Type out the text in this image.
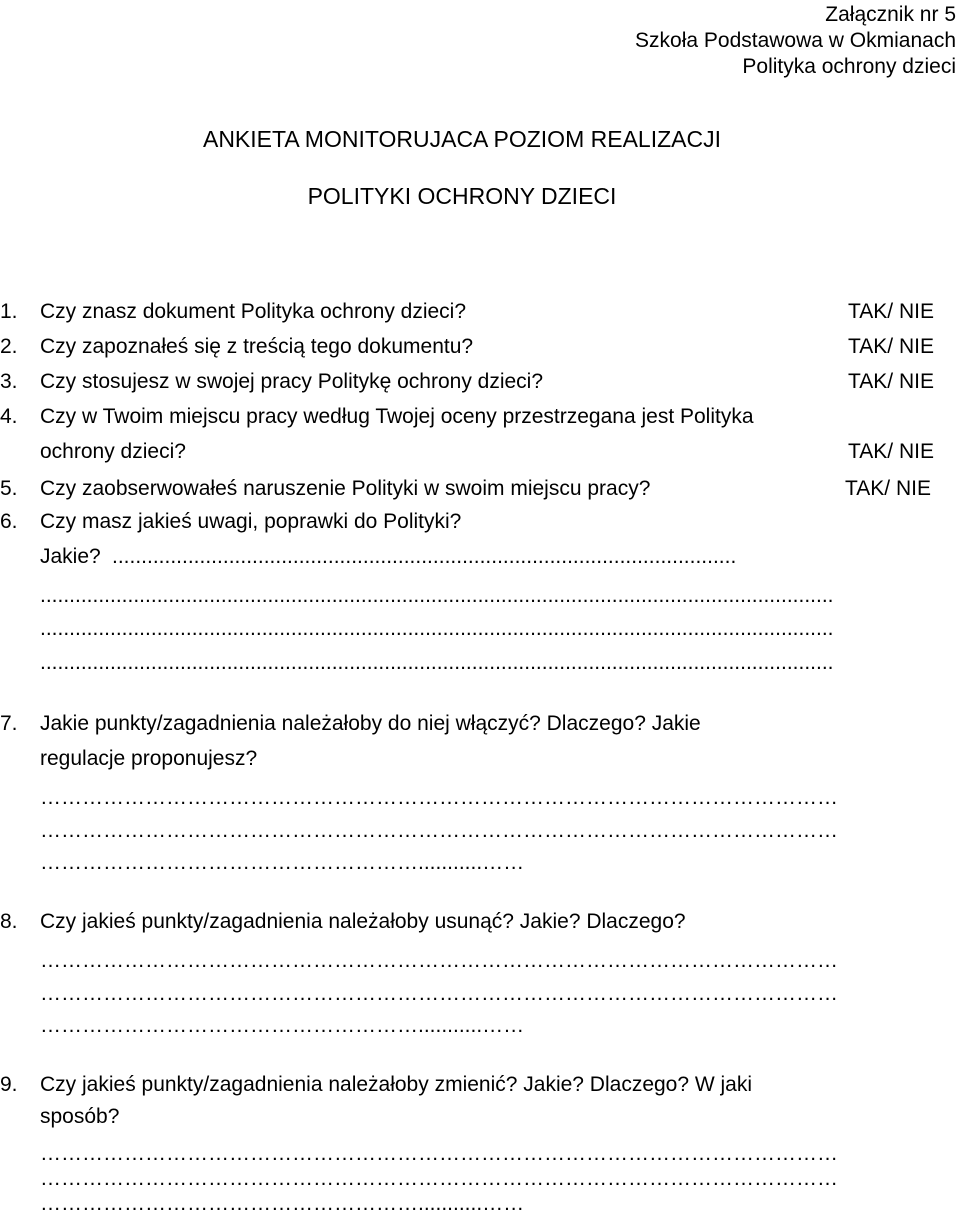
Załącznik nr 5
Szkoła Podstawowa w Okmianach
Polityka ochrony dzieci
ANKIETA MONITORUJACA POZIOM REALIZACJI
POLITYKI OCHRONY DZIECI
1.	Czy znasz dokument Polityka ochrony dzieci?	TAK/ NIE
2.	Czy zapoznałeś się z treścią tego dokumentu?	TAK/ NIE
3.	Czy stosujesz w swojej pracy Politykę ochrony dzieci?	TAK/ NIE
4.	Czy w Twoim miejscu pracy według Twojej oceny przestrzegana jest Polityka
ochrony dzieci?	TAK/ NIE
5.	Czy zaobserwowałeś naruszenie Polityki w swoim miejscu pracy?	TAK/ NIE
6.	Czy masz jakieś uwagi, poprawki do Polityki?
Jakie? ...........................................................................................................
........................................................................................................................................
........................................................................................................................................
........................................................................................................................................
7.	Jakie punkty/zagadnienia należałoby do niej włączyć? Dlaczego? Jakie
regulacje proponujesz?
……………………………………………………………………………………………………
……………………………………………………………………………………………………
………………………………………………...........……
8.	Czy jakieś punkty/zagadnienia należałoby usunąć? Jakie? Dlaczego?
……………………………………………………………………………………………………
……………………………………………………………………………………………………
………………………………………………...........……
9.	Czy jakieś punkty/zagadnienia należałoby zmienić? Jakie? Dlaczego? W jaki
sposób?
……………………………………………………………………………………………………
……………………………………………………………………………………………………
………………………………………………...........……
